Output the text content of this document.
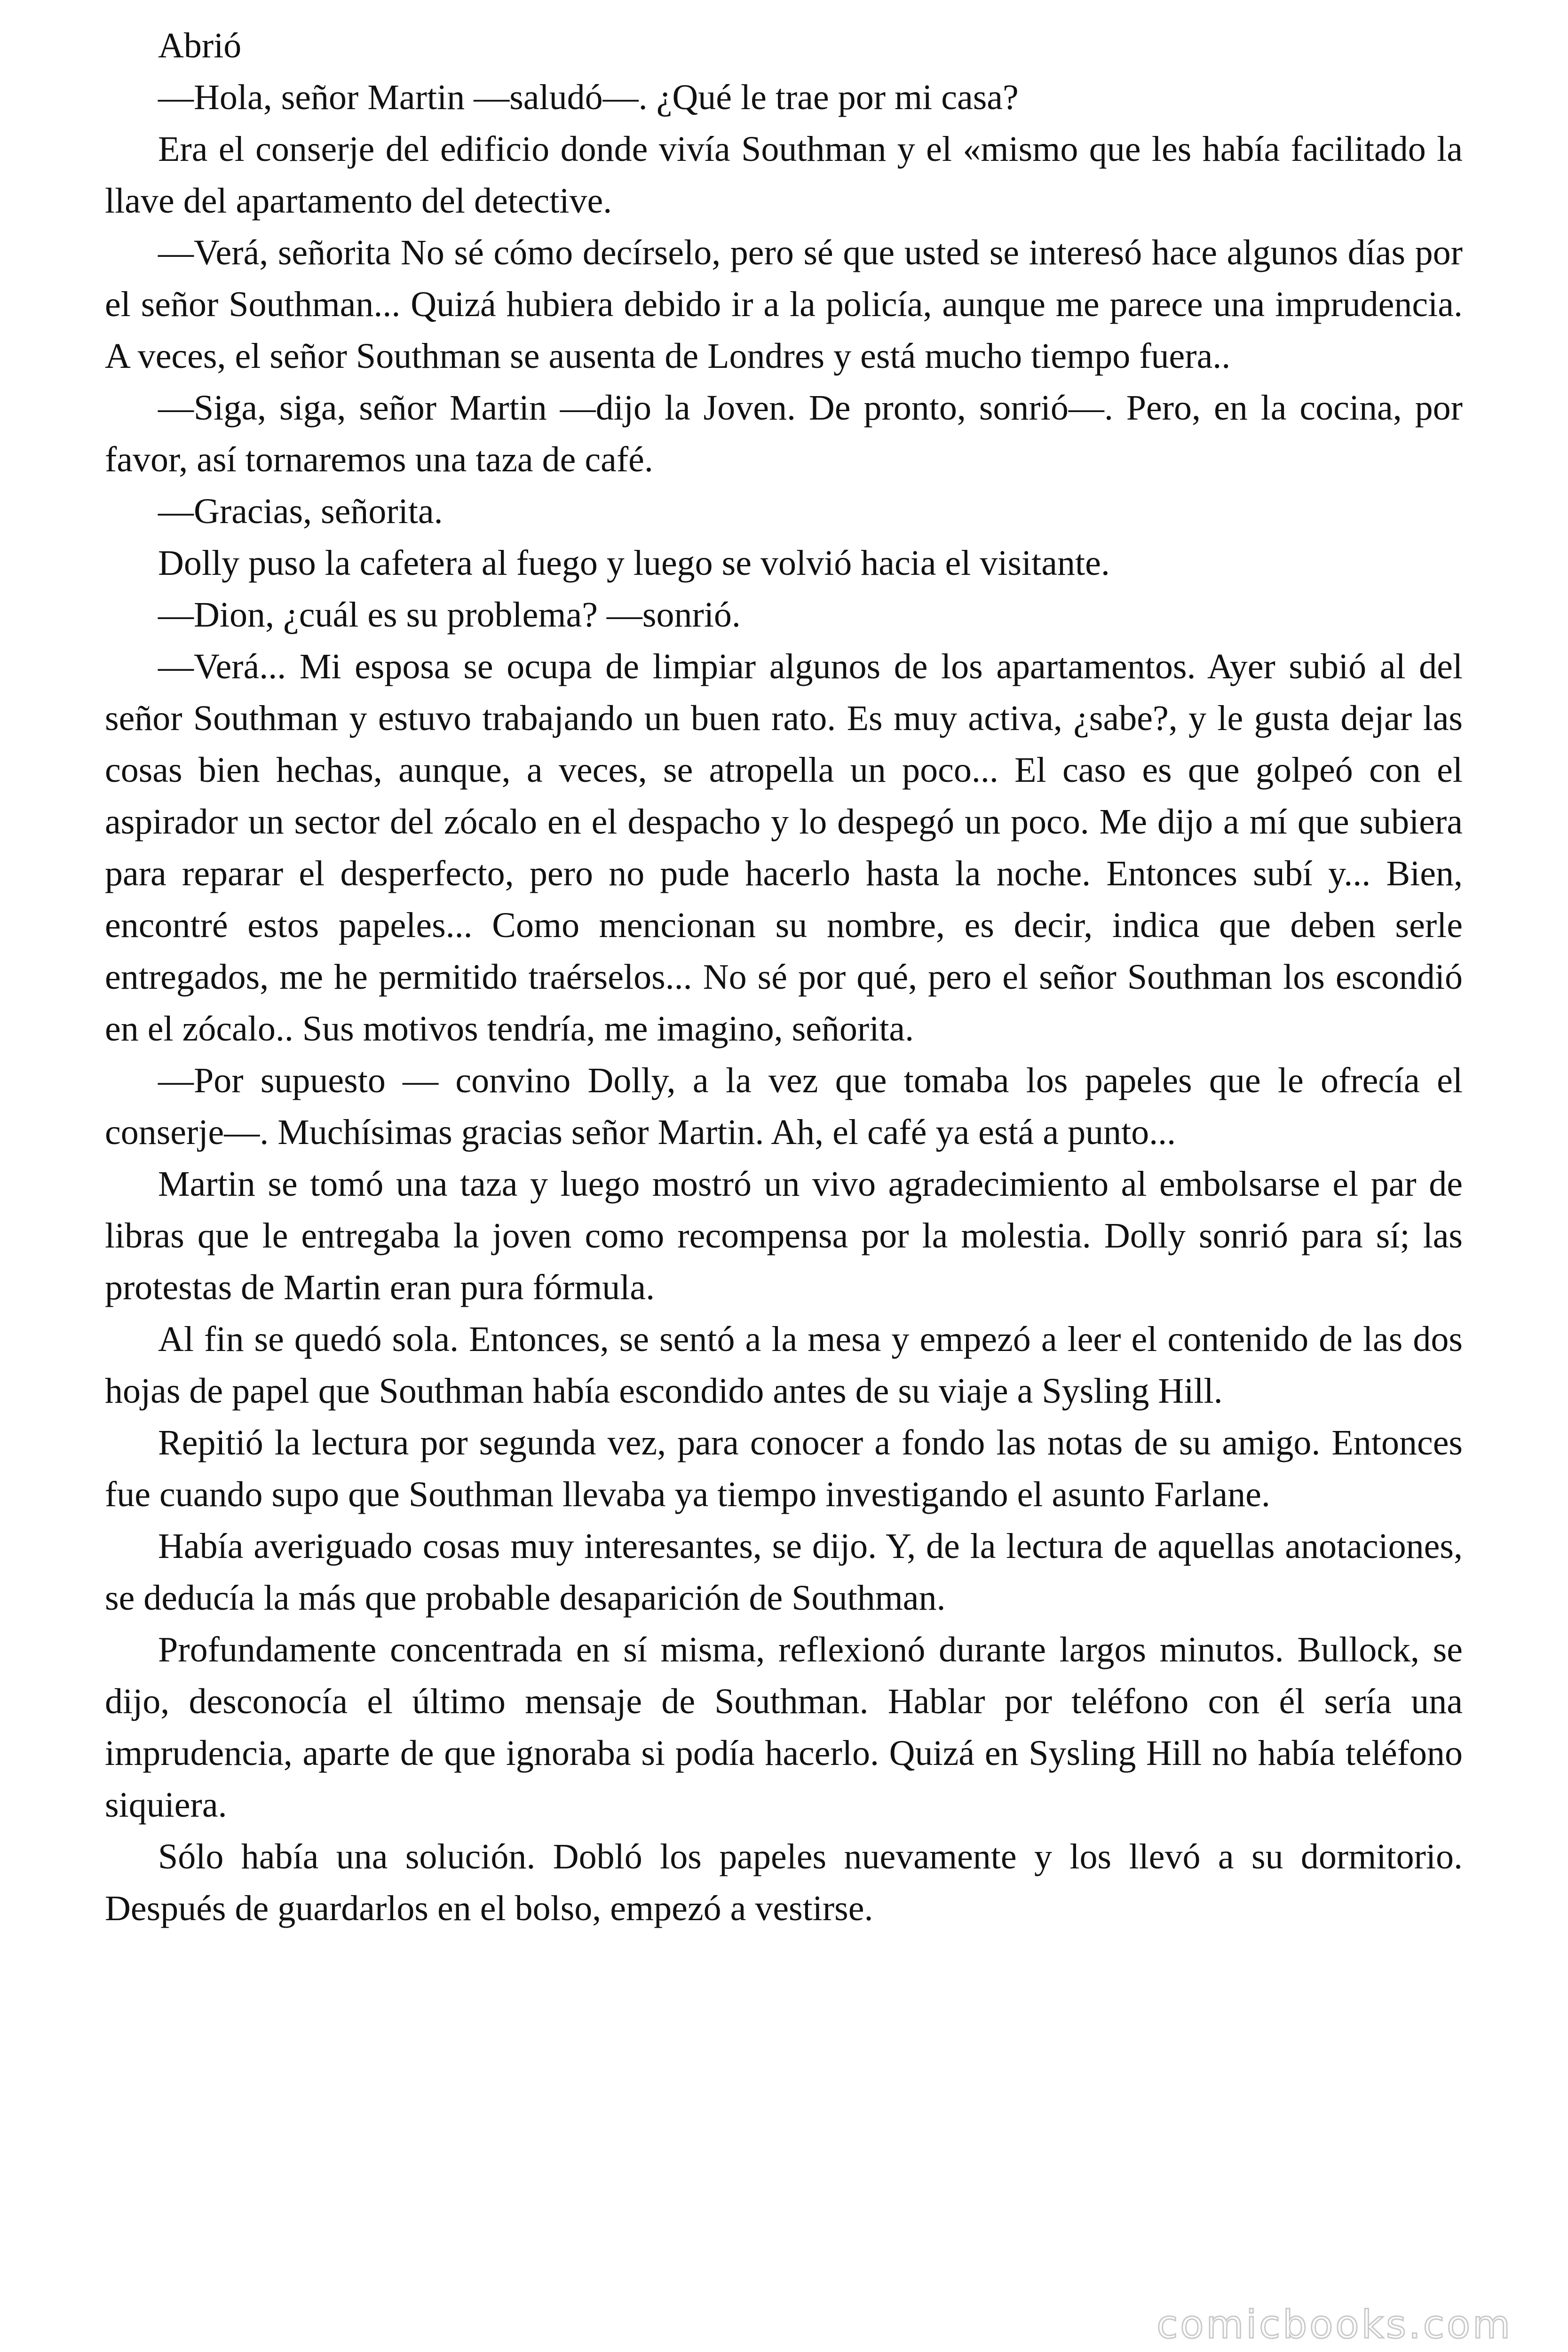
Abrió

—Hola, señor Martin —saludó—. ¿Qué le trae por mi casa?

Era el conserje del edificio donde vivía Southman y el «mismo que les había facilitado la llave del apartamento del detective.

—Verá, señorita No sé cómo decírselo, pero sé que usted se interesó hace algunos días por el señor Southman... Quizá hubiera debido ir a la policía, aunque me parece una imprudencia. A veces, el señor Southman se ausenta de Londres y está mucho tiempo fuera..

—Siga, siga, señor Martin —dijo la Joven. De pronto, sonrió—. Pero, en la cocina, por favor, así tornaremos una taza de café.

—Gracias, señorita.

Dolly puso la cafetera al fuego y luego se volvió hacia el visitante.

—Dion, ¿cuál es su problema? —sonrió.

—Verá... Mi esposa se ocupa de limpiar algunos de los apartamentos. Ayer subió al del señor Southman y estuvo trabajando un buen rato. Es muy activa, ¿sabe?, y le gusta dejar las cosas bien hechas, aunque, a veces, se atropella un poco... El caso es que golpeó con el aspirador un sector del zócalo en el despacho y lo despegó un poco. Me dijo a mí que subiera para reparar el desperfecto, pero no pude hacerlo hasta la noche. Entonces subí y... Bien, encontré estos papeles... Como mencionan su nombre, es decir, indica que deben serle entregados, me he permitido traérselos... No sé por qué, pero el señor Southman los escondió en el zócalo.. Sus motivos tendría, me imagino, señorita.

—Por supuesto — convino Dolly, a la vez que tomaba los papeles que le ofrecía el conserje—. Muchísimas gracias señor Martin. Ah, el café ya está a punto...

Martin se tomó una taza y luego mostró un vivo agradecimiento al embolsarse el par de libras que le entregaba la joven como recompensa por la molestia. Dolly sonrió para sí; las protestas de Martin eran pura fórmula.

Al fin se quedó sola. Entonces, se sentó a la mesa y empezó a leer el contenido de las dos hojas de papel que Southman había escondido antes de su viaje a Sysling Hill.

Repitió la lectura por segunda vez, para conocer a fondo las notas de su amigo. Entonces fue cuando supo que Southman llevaba ya tiempo investigando el asunto Farlane.

Había averiguado cosas muy interesantes, se dijo. Y, de la lectura de aquellas anotaciones, se deducía la más que probable desaparición de Southman.

Profundamente concentrada en sí misma, reflexionó durante largos minutos. Bullock, se dijo, desconocía el último mensaje de Southman. Hablar por teléfono con él sería una imprudencia, aparte de que ignoraba si podía hacerlo. Quizá en Sysling Hill no había teléfono siquiera.

Sólo había una solución. Dobló los papeles nuevamente y los llevó a su dormitorio. Después de guardarlos en el bolso, empezó a vestirse.

comicbooks.com
